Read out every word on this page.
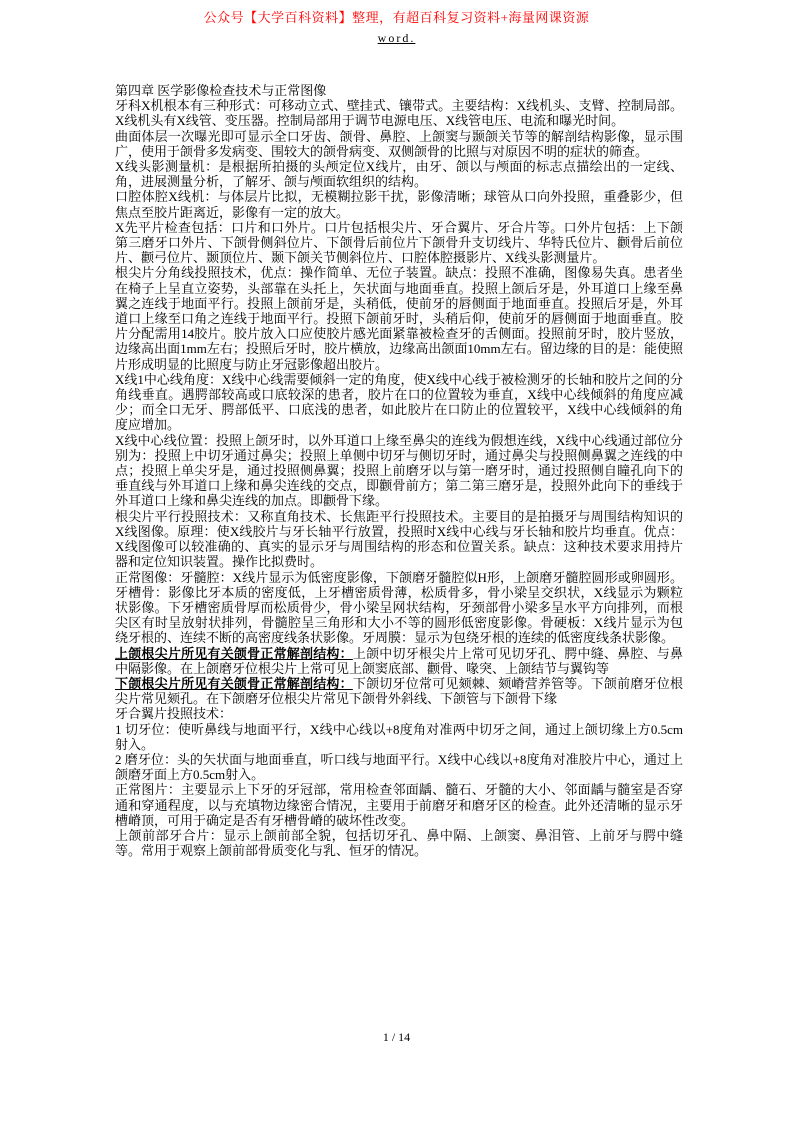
公众号【大学百科资料】整理，有超百科复习资料+海量网课资源
word.

第四章 医学影像检查技术与正常图像

牙科X机根本有三种形式：可移动立式、壁挂式、镶带式。主要结构：X线机头、支臂、控制局部。X线机头有X线管、变压器。控制局部用于调节电源电压、X线管电压、电流和曝光时间。

曲面体层一次曝光即可显示全口牙齿、颌骨、鼻腔、上颌窦与颞颌关节等的解剖结构影像，显示围广，使用于颌骨多发病变、围较大的颌骨病变、双侧颌骨的比照与对原因不明的症状的筛查。

X线头影测量机：是根据所拍摄的头颅定位X线片，由牙、颌以与颅面的标志点描绘出的一定线、角，进展测量分析，了解牙、颌与颅面软组织的结构。

口腔体腔X线机：与体层片比拟，无模糊拉影干扰，影像清晰；球管从口向外投照，重叠影少，但焦点至胶片距离近，影像有一定的放大。

X先平片检查包括：口片和口外片。口片包括根尖片、牙合翼片、牙合片等。口外片包括：上下颌第三磨牙口外片、下颌骨侧斜位片、下颌骨后前位片下颌骨升支切线片、华特氏位片、颧骨后前位片、颧弓位片、颞顶位片、颞下颌关节侧斜位片、口腔体腔摄影片、X线头影测量片。

根尖片分角线投照技术，优点：操作简单、无位子装置。缺点：投照不准确，图像易失真。患者坐在椅子上呈直立姿势，头部靠在头托上，矢状面与地面垂直。投照上颌后牙是，外耳道口上缘至鼻翼之连线于地面平行。投照上颌前牙是，头稍低，使前牙的唇侧面于地面垂直。投照后牙是，外耳道口上缘至口角之连线于地面平行。投照下颌前牙时，头稍后仰，使前牙的唇侧面于地面垂直。胶片分配需用14胶片。胶片放入口应使胶片感光面紧靠被检查牙的舌侧面。投照前牙时，胶片竖放，边缘高出面1mm左右；投照后牙时，胶片横放，边缘高出颌面10mm左右。留边缘的目的是：能使照片形成明显的比照度与防止牙冠影像超出胶片。

X线1中心线角度：X线中心线需要倾斜一定的角度，使X线中心线于被检测牙的长轴和胶片之间的分角线垂直。遇腭部较高或口底较深的患者，胶片在口的位置较为垂直，X线中心线倾斜的角度应减少；而全口无牙、腭部低平、口底浅的患者，如此胶片在口防止的位置较平，X线中心线倾斜的角度应增加。

X线中心线位置：投照上颌牙时，以外耳道口上缘至鼻尖的连线为假想连线，X线中心线通过部位分别为：投照上中切牙通过鼻尖；投照上单侧中切牙与侧切牙时，通过鼻尖与投照侧鼻翼之连线的中点；投照上单尖牙是，通过投照侧鼻翼；投照上前磨牙以与第一磨牙时，通过投照侧自瞳孔向下的垂直线与外耳道口上缘和鼻尖连线的交点，即颧骨前方；第二第三磨牙是，投照外此向下的垂线于外耳道口上缘和鼻尖连线的加点。即颧骨下缘。

根尖片平行投照技术：又称直角技术、长焦距平行投照技术。主要目的是拍摄牙与周围结构知识的X线图像。原理：使X线胶片与牙长轴平行放置，投照时X线中心线与牙长轴和胶片均垂直。优点：X线图像可以较准确的、真实的显示牙与周围结构的形态和位置关系。缺点：这种技术要求用持片器和定位知识装置。操作比拟费时。

正常图像：牙髓腔：X线片显示为低密度影像，下颌磨牙髓腔似H形，上颌磨牙髓腔圆形或卵圆形。牙槽骨：影像比牙本质的密度低，上牙槽密质骨薄，松质骨多，骨小梁呈交织状，X线显示为颗粒状影像。下牙槽密质骨厚而松质骨少，骨小梁呈网状结构，牙颈部骨小梁多呈水平方向排列，而根尖区有时呈放射状排列，骨髓腔呈三角形和大小不等的圆形低密度影像。骨硬板：X线片显示为包绕牙根的、连续不断的高密度线条状影像。牙周膜：显示为包绕牙根的连续的低密度线条状影像。

上颌根尖片所见有关颌骨正常解剖结构：上颌中切牙根尖片上常可见切牙孔、腭中缝、鼻腔、与鼻中隔影像。在上颌磨牙位根尖片上常可见上颌窦底部、颧骨、喙突、上颌结节与翼钩等

下颌根尖片所见有关颌骨正常解剖结构：下颌切牙位常可见颏棘、颏嵴营养管等。下颌前磨牙位根尖片常见颏孔。在下颌磨牙位根尖片常见下颌骨外斜线、下颌管与下颌骨下缘

牙合翼片投照技术：

1 切牙位：使听鼻线与地面平行，X线中心线以+8度角对准两中切牙之间，通过上颌切缘上方0.5cm射入。

2 磨牙位：头的矢状面与地面垂直，听口线与地面平行。X线中心线以+8度角对准胶片中心，通过上颌磨牙面上方0.5cm射入。

正常图片：主要显示上下牙的牙冠部，常用检查邻面龋、髓石、牙髓的大小、邻面龋与髓室是否穿通和穿通程度，以与充填物边缘密合情况，主要用于前磨牙和磨牙区的检查。此外还清晰的显示牙槽嵴顶，可用于确定是否有牙槽骨嵴的破坏性改变。

上颌前部牙合片：显示上颌前部全貌，包括切牙孔、鼻中隔、上颌窦、鼻泪管、上前牙与腭中缝等。常用于观察上颌前部骨质变化与乳、恒牙的情况。

1 / 14
